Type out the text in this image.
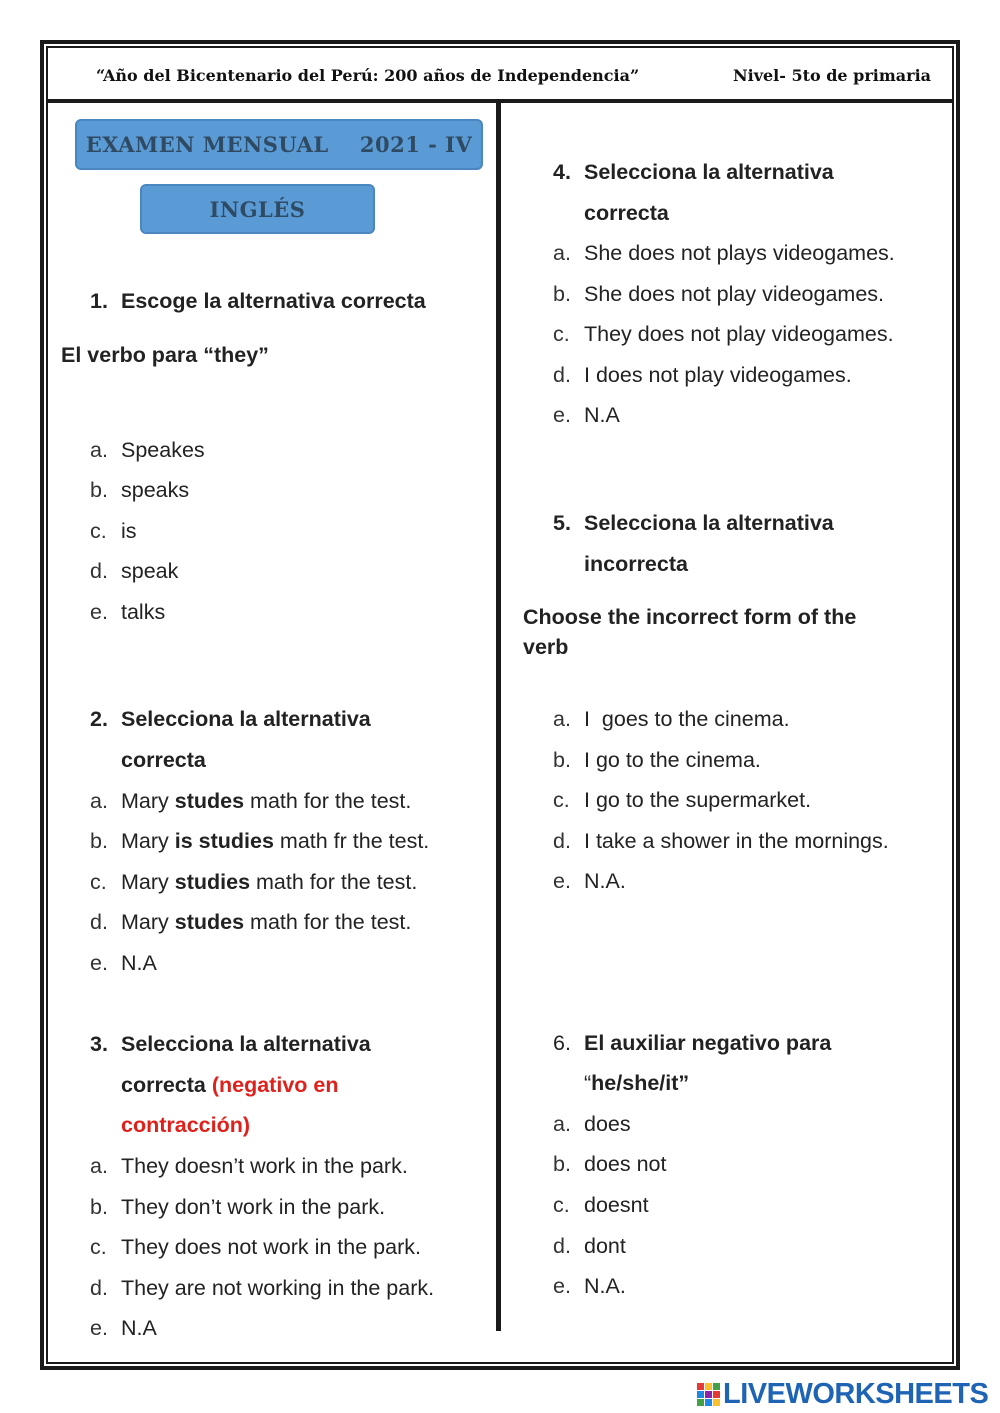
“Año del Bicentenario del Perú: 200 años de Independencia”	Nivel- 5to de primaria
EXAMEN MENSUAL    2021 - IV
INGLÉS
1. Escoge la alternativa correcta
El verbo para “they”
a. Speakes
b. speaks
c. is
d. speak
e. talks
2. Selecciona la alternativa
correcta
a. Mary studes math for the test.
b. Mary is studies math fr the test.
c. Mary studies math for the test.
d. Mary studes math for the test.
e. N.A
3. Selecciona la alternativa
correcta (negativo en
contracción)
a. They doesn’t work in the park.
b. They don’t work in the park.
c. They does not work in the park.
d. They are not working in the park.
e. N.A
4. Selecciona la alternativa
correcta
a. She does not plays videogames.
b. She does not play videogames.
c. They does not play videogames.
d. I does not play videogames.
e. N.A
5. Selecciona la alternativa
incorrecta
Choose the incorrect form of the
verb
a. I  goes to the cinema.
b. I go to the cinema.
c. I go to the supermarket.
d. I take a shower in the mornings.
e. N.A.
6. El auxiliar negativo para
“he/she/it”
a. does
b. does not
c. doesnt
d. dont
e. N.A.
LIVEWORKSHEETS
